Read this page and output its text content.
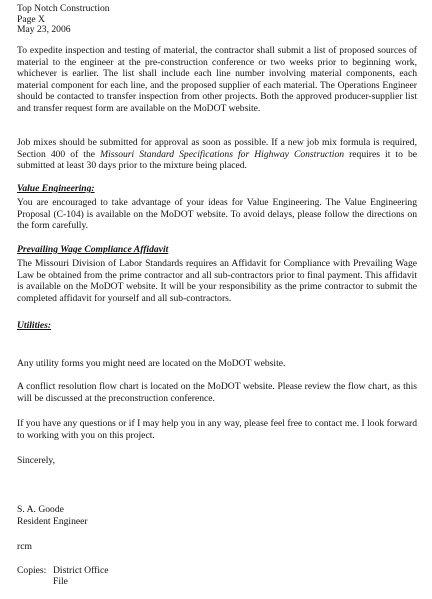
Top Notch Construction

Page X

May 23, 2006

To expedite inspection and testing of material, the contractor shall submit a list of proposed sources of material to the engineer at the pre-construction conference or two weeks prior to beginning work, whichever is earlier. The list shall include each line number involving material components, each material component for each line, and the proposed supplier of each material. The Operations Engineer should be contacted to transfer inspection from other projects. Both the approved producer-supplier list and transfer request form are available on the MoDOT website.

Job mixes should be submitted for approval as soon as possible. If a new job mix formula is required, Section 400 of the Missouri Standard Specifications for Highway Construction requires it to be submitted at least 30 days prior to the mixture being placed.

Value Engineering:

You are encouraged to take advantage of your ideas for Value Engineering. The Value Engineering Proposal (C-104) is available on the MoDOT website. To avoid delays, please follow the directions on the form carefully.

Prevailing Wage Compliance Affidavit

The Missouri Division of Labor Standards requires an Affidavit for Compliance with Prevailing Wage Law be obtained from the prime contractor and all sub-contractors prior to final payment. This affidavit is available on the MoDOT website. It will be your responsibility as the prime contractor to submit the completed affidavit for yourself and all sub-contractors.

Utilities:

Any utility forms you might need are located on the MoDOT website.

A conflict resolution flow chart is located on the MoDOT website. Please review the flow chart, as this will be discussed at the preconstruction conference.

If you have any questions or if I may help you in any way, please feel free to contact me. I look forward to working with you on this project.

Sincerely,

S. A. Goode

Resident Engineer

rcm

Copies: District Office
File
